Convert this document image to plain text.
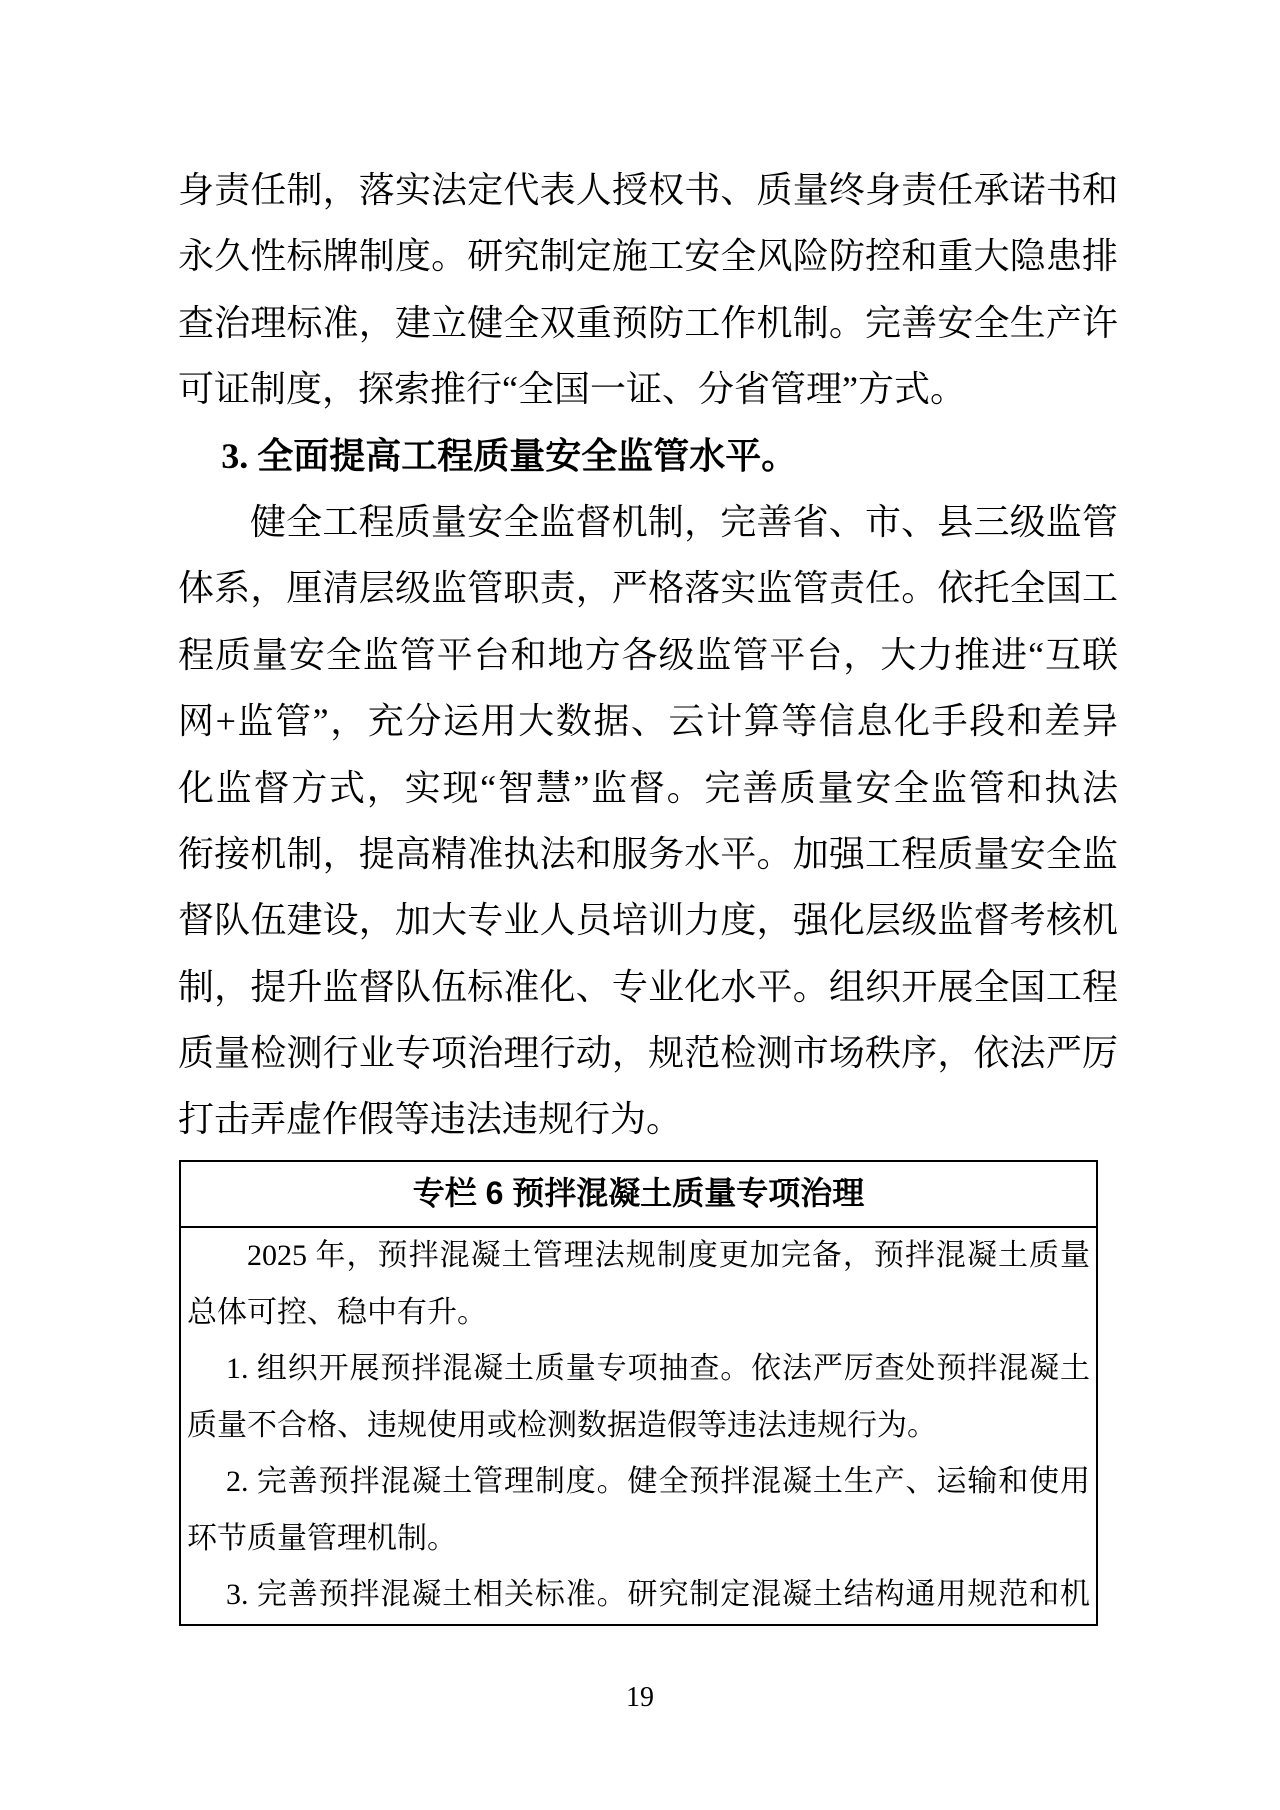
身责任制，落实法定代表人授权书、质量终身责任承诺书和
永久性标牌制度。研究制定施工安全风险防控和重大隐患排
查治理标准，建立健全双重预防工作机制。完善安全生产许
可证制度，探索推行“全国一证、分省管理”方式。
3. 全面提高工程质量安全监管水平。
健全工程质量安全监督机制，完善省、市、县三级监管
体系，厘清层级监管职责，严格落实监管责任。依托全国工
程质量安全监管平台和地方各级监管平台，大力推进“互联
网+监管”，充分运用大数据、云计算等信息化手段和差异
化监督方式，实现“智慧”监督。完善质量安全监管和执法
衔接机制，提高精准执法和服务水平。加强工程质量安全监
督队伍建设，加大专业人员培训力度，强化层级监督考核机
制，提升监督队伍标准化、专业化水平。组织开展全国工程
质量检测行业专项治理行动，规范检测市场秩序，依法严厉
打击弄虚作假等违法违规行为。
专栏 6 预拌混凝土质量专项治理
2025 年，预拌混凝土管理法规制度更加完备，预拌混凝土质量
总体可控、稳中有升。
1. 组织开展预拌混凝土质量专项抽查。依法严厉查处预拌混凝土
质量不合格、违规使用或检测数据造假等违法违规行为。
2. 完善预拌混凝土管理制度。健全预拌混凝土生产、运输和使用
环节质量管理机制。
3. 完善预拌混凝土相关标准。研究制定混凝土结构通用规范和机
19
